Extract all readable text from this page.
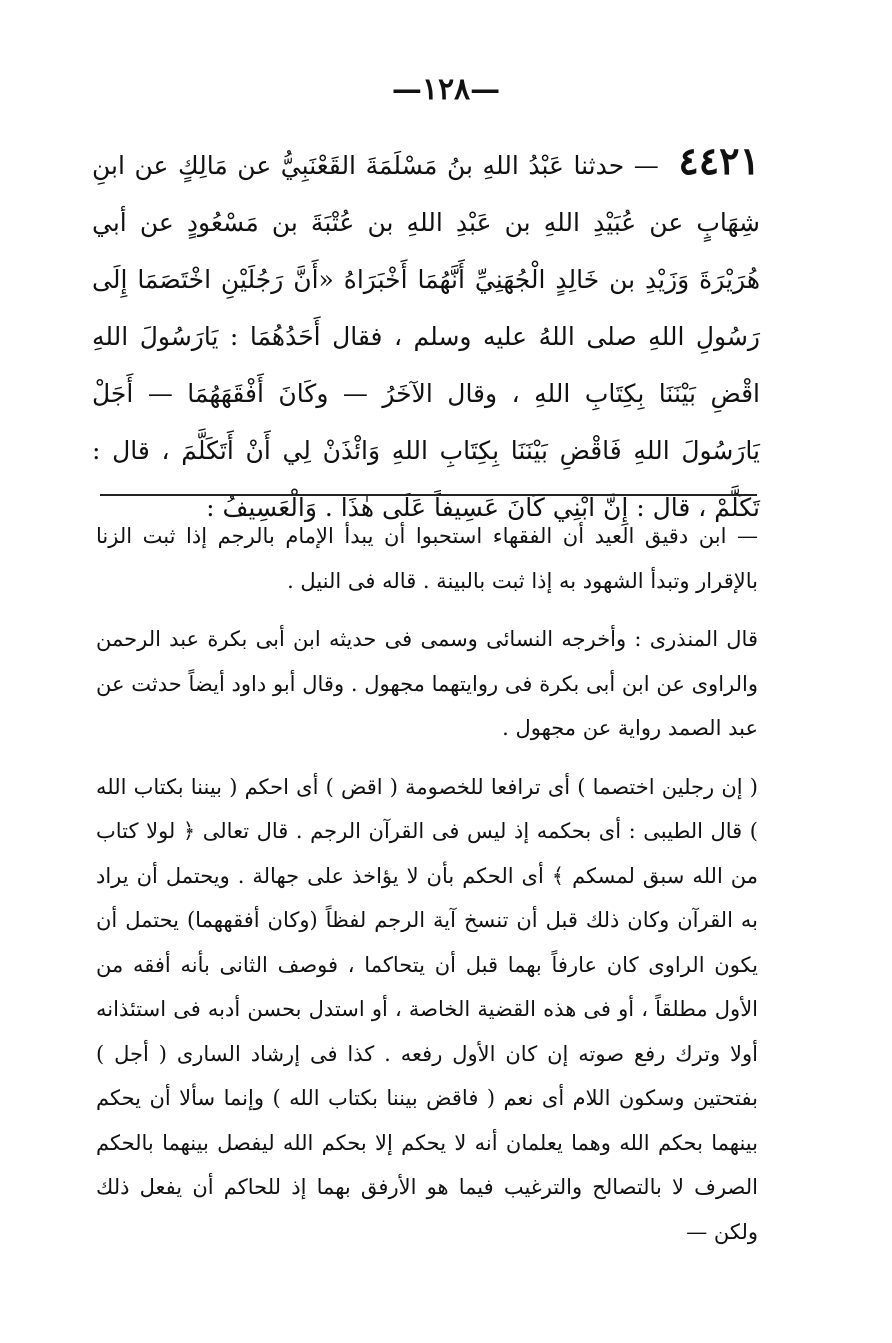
—١٢٨—
٤٤٢١ — حدثنا عَبْدُ اللهِ بنُ مَسْلَمَةَ القَعْنَبِيُّ عن مَالِكٍ عن ابنِ شِهَابٍ عن عُبَيْدِ اللهِ بن عَبْدِ اللهِ بن عُتْبَةَ بن مَسْعُودٍ عن أبي هُرَيْرَةَ وَزَيْدِ بن خَالِدٍ الْجُهَنِيِّ أَنَّهُمَا أَخْبَرَاهُ «أَنَّ رَجُلَيْنِ اخْتَصَمَا إِلَى رَسُولِ اللهِ صلى اللهُ عليه وسلم ، فقال أَحَدُهُمَا : يَارَسُولَ اللهِ اقْضِ بَيْنَنَا بِكِتَابِ اللهِ ، وقال الآخَرُ — وكَانَ أَفْقَهَهُمَا — أَجَلْ يَارَسُولَ اللهِ فَاقْضِ بَيْنَنَا بِكِتَابِ اللهِ وَائْذَنْ لِي أَنْ أَتَكَلَّمَ ، قال : تَكَلَّمْ ، قال : إِنَّ ابْنِي كَانَ عَسِيفاً عَلَى هٰذَا . وَالْعَسِيفُ :

— ابن دقيق العيد أن الفقهاء استحبوا أن يبدأ الإمام بالرجم إذا ثبت الزنا بالإقرار وتبدأ الشهود به إذا ثبت بالبينة . قاله فى النيل .

قال المنذرى : وأخرجه النسائى وسمى فى حديثه ابن أبى بكرة عبد الرحمن والراوى عن ابن أبى بكرة فى روايتهما مجهول . وقال أبو داود أيضاً حدثت عن عبد الصمد رواية عن مجهول .

( إن رجلين اختصما ) أى ترافعا للخصومة ( اقض ) أى احكم ( بيننا بكتاب الله ) قال الطيبى : أى بحكمه إذ ليس فى القرآن الرجم . قال تعالى ﴿ لولا كتاب من الله سبق لمسكم ﴾ أى الحكم بأن لا يؤاخذ على جهالة . ويحتمل أن يراد به القرآن وكان ذلك قبل أن تنسخ آية الرجم لفظاً (وكان أفقههما) يحتمل أن يكون الراوى كان عارفاً بهما قبل أن يتحاكما ، فوصف الثانى بأنه أفقه من الأول مطلقاً ، أو فى هذه القضية الخاصة ، أو استدل بحسن أدبه فى استئذانه أولا وترك رفع صوته إن كان الأول رفعه . كذا فى إرشاد السارى ( أجل ) بفتحتين وسكون اللام أى نعم ( فاقض بيننا بكتاب الله ) وإنما سألا أن يحكم بينهما بحكم الله وهما يعلمان أنه لا يحكم إلا بحكم الله ليفصل بينهما بالحكم الصرف لا بالتصالح والترغيب فيما هو الأرفق بهما إذ للحاكم أن يفعل ذلك ولكن —
